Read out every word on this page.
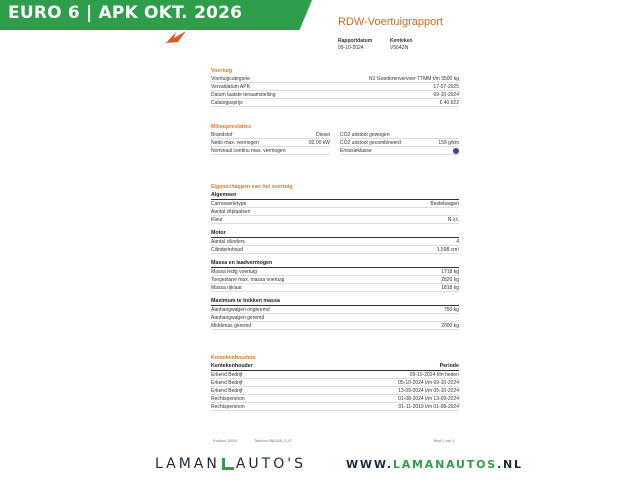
EURO 6 | APK OKT. 2026	RDW-Voertuigrapport
Rapportdatum
09-10-2024
Kenteken
V564ZN
Voertuig
Voertuigcategorie	N1 Goederenvervoer TTMM t/m 3500 kg
Vervaldatum APK	17-07-2025
Datum laatste tenaamstelling	09-10-2024
Catalogusprijs	€ 40.622
Milieuprestaties
Brandstof	Diesel
Netto max. vermogen	92,00 kW
Nominaal continu max. vermogen
CO2 uitstoot gewogen
CO2 uitstoot gecombineerd	155 g/km
Emissieklasse
Eigenschappen van het voertuig
Algemeen
Carrosserietype	Bestelwagen
Aantal zitplaatsen
Kleur	N.v.t.
Motor
Aantal cilinders	4
Cilinderinhoud	1.598 cm³
Massa en laadvermogen
Massa ledig voertuig	1718 kg
Toegestane max. massa voertuig	2820 kg
Massa rijklaar	1818 kg
Maximum te trekken massa
Aanhangwagen ongeremd	750 kg
Aanhangwagen geremd
Middenas geremd	2000 kg
Kentekenhouders
Kentekenhouder	Periode
Erkend Bedrijf	09-10-2024 t/m heden
Erkend Bedrijf	05-10-2024 t/m 09-10-2024
Erkend Bedrijf	13-09-2024 t/m 05-10-2024
Rechtspersoon	01-08-2024 t/m 13-09-2024
Rechtspersoon	01-11-2019 t/m 01-08-2024
Postbus 30000	Telefoon 088-008 74 47	Blad 2 van 3
LAMAN AUTO'S	WWW.LAMANAUTOS.NL
